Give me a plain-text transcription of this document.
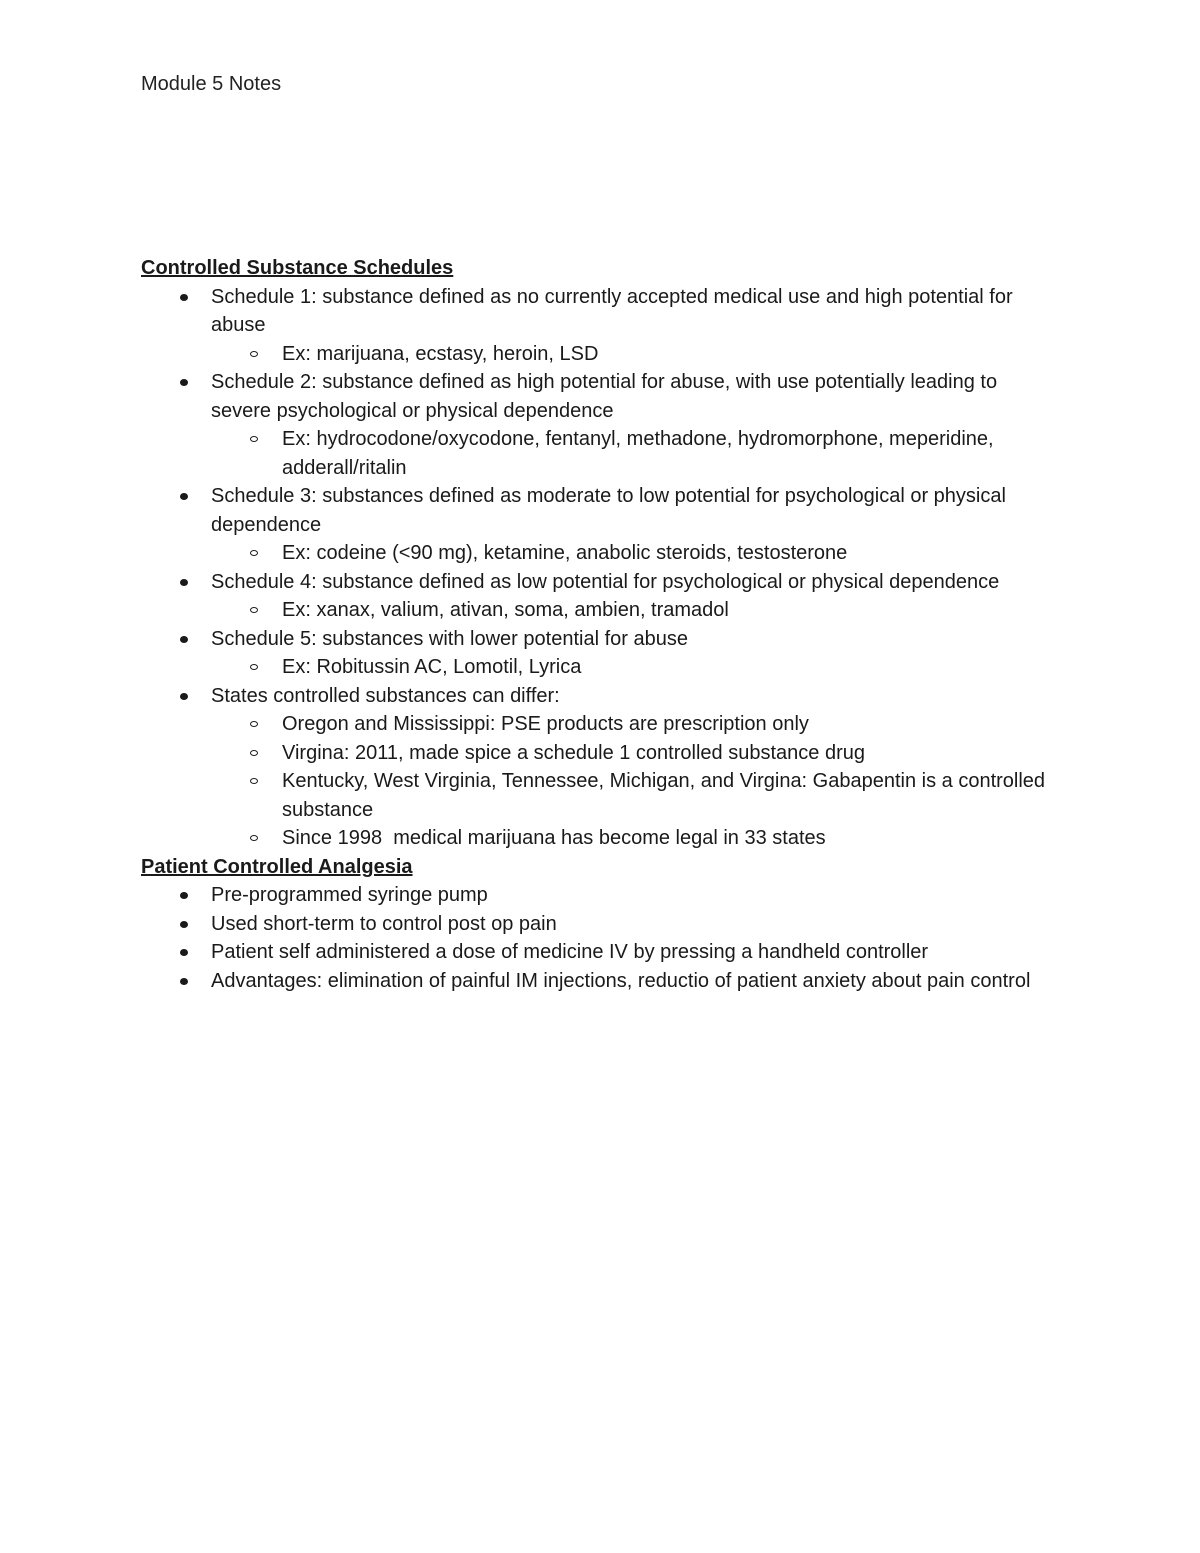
Module 5 Notes
Controlled Substance Schedules
Schedule 1: substance defined as no currently accepted medical use and high potential for abuse
Ex: marijuana, ecstasy, heroin, LSD
Schedule 2: substance defined as high potential for abuse, with use potentially leading to severe psychological or physical dependence
Ex: hydrocodone/oxycodone, fentanyl, methadone, hydromorphone, meperidine, adderall/ritalin
Schedule 3: substances defined as moderate to low potential for psychological or physical dependence
Ex: codeine (<90 mg), ketamine, anabolic steroids, testosterone
Schedule 4: substance defined as low potential for psychological or physical dependence
Ex: xanax, valium, ativan, soma, ambien, tramadol
Schedule 5: substances with lower potential for abuse
Ex: Robitussin AC, Lomotil, Lyrica
States controlled substances can differ:
Oregon and Mississippi: PSE products are prescription only
Virgina: 2011, made spice a schedule 1 controlled substance drug
Kentucky, West Virginia, Tennessee, Michigan, and Virgina: Gabapentin is a controlled substance
Since 1998  medical marijuana has become legal in 33 states
Patient Controlled Analgesia
Pre-programmed syringe pump
Used short-term to control post op pain
Patient self administered a dose of medicine IV by pressing a handheld controller
Advantages: elimination of painful IM injections, reductio of patient anxiety about pain control
